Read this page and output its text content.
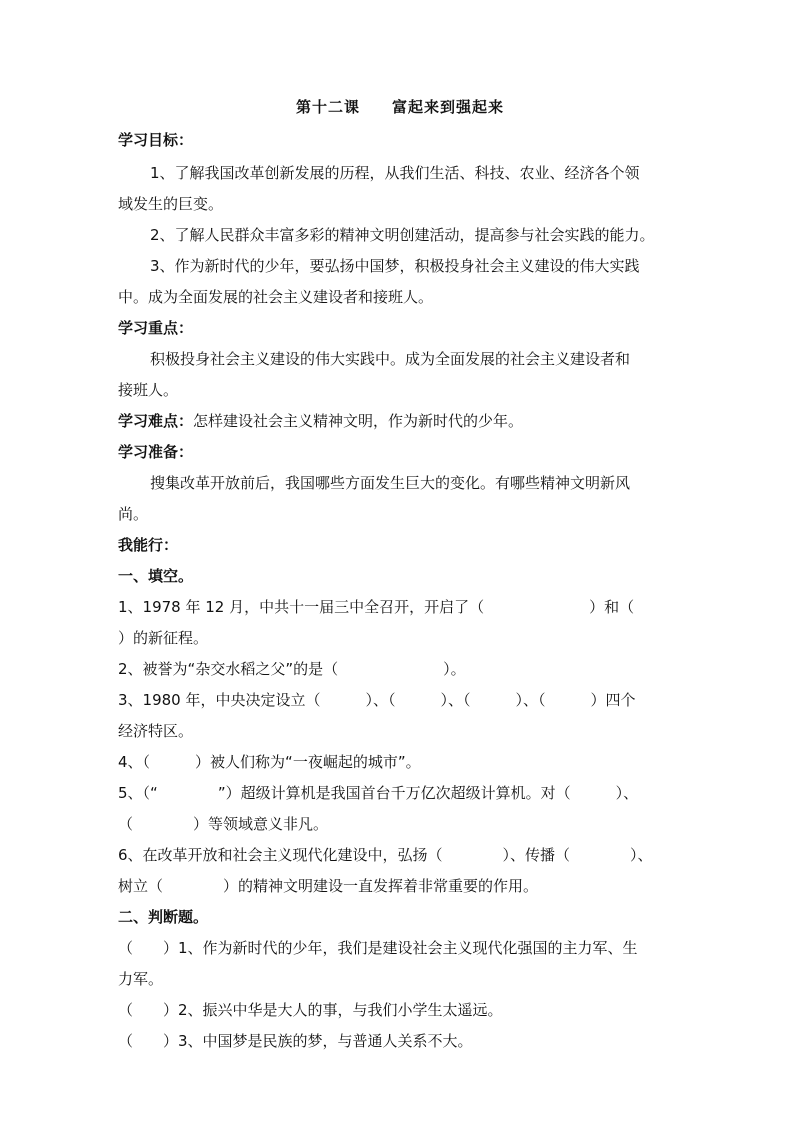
第十二课　　富起来到强起来
学习目标：
1、了解我国改革创新发展的历程，从我们生活、科技、农业、经济各个领
域发生的巨变。
2、了解人民群众丰富多彩的精神文明创建活动，提高参与社会实践的能力。
3、作为新时代的少年，要弘扬中国梦，积极投身社会主义建设的伟大实践
中。成为全面发展的社会主义建设者和接班人。
学习重点：
积极投身社会主义建设的伟大实践中。成为全面发展的社会主义建设者和
接班人。
学习难点：怎样建设社会主义精神文明，作为新时代的少年。
学习准备：
搜集改革开放前后，我国哪些方面发生巨大的变化。有哪些精神文明新风
尚。
我能行：
一、填空。
1、1978 年 12 月，中共十一届三中全召开，开启了（　　　　　　　）和（
）的新征程。
2、被誉为“杂交水稻之父”的是（　　　　　　　）。
3、1980 年，中央决定设立（　　　）、（　　　）、（　　　）、（　　　）四个
经济特区。
4、（　　　）被人们称为“一夜崛起的城市”。
5、（“　　　　”）超级计算机是我国首台千万亿次超级计算机。对（　　　）、
（　　　　）等领域意义非凡。
6、在改革开放和社会主义现代化建设中，弘扬（　　　　）、传播（　　　　）、
树立（　　　　）的精神文明建设一直发挥着非常重要的作用。
二、判断题。
（　　）1、作为新时代的少年，我们是建设社会主义现代化强国的主力军、生
力军。
（　　）2、振兴中华是大人的事，与我们小学生太遥远。
（　　）3、中国梦是民族的梦，与普通人关系不大。
